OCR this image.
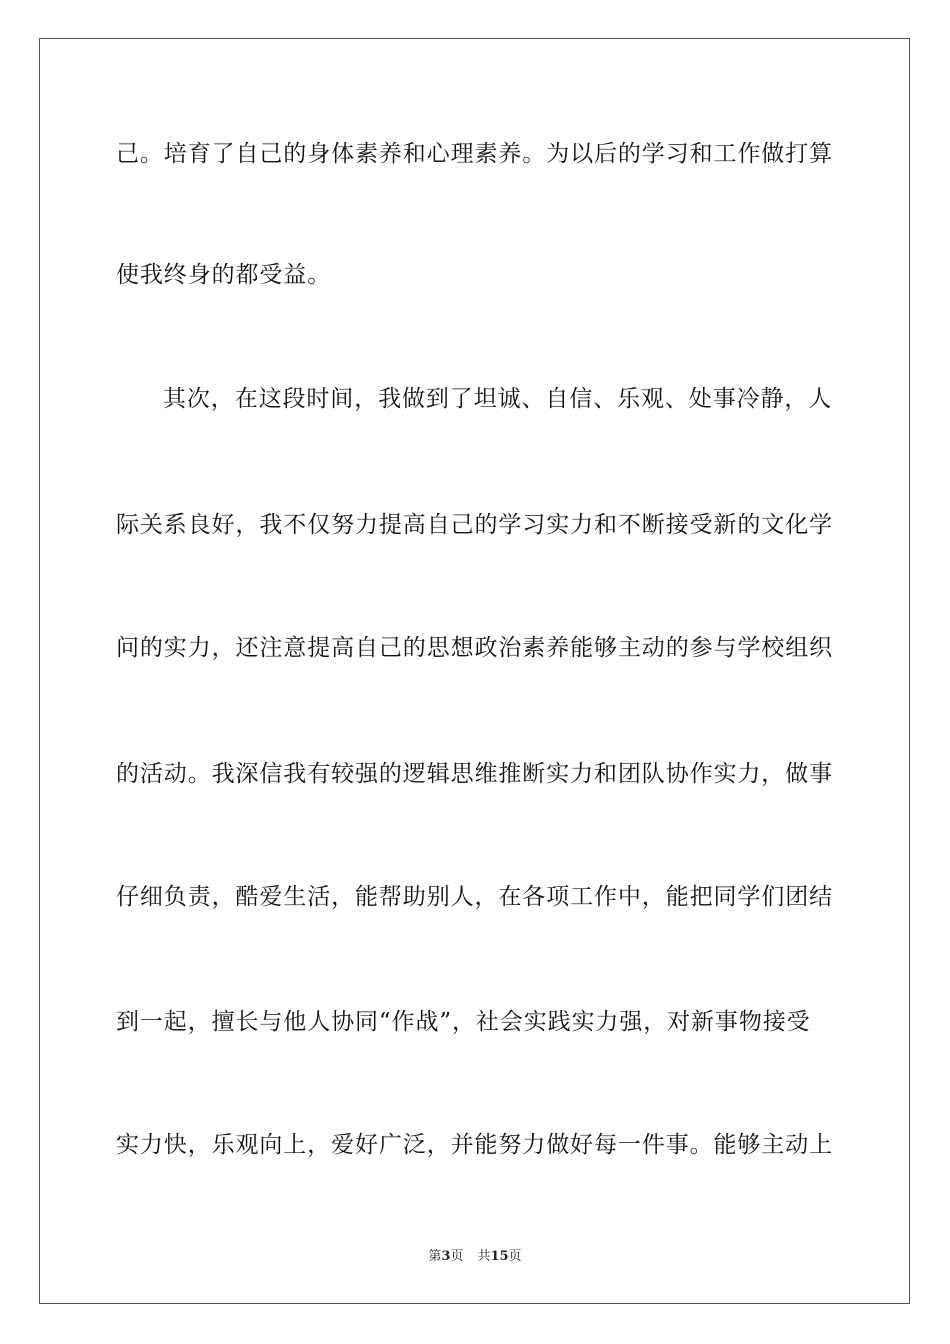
己。培育了自己的身体素养和心理素养。为以后的学习和工作做打算
使我终身的都受益。
其次，在这段时间，我做到了坦诚、自信、乐观、处事冷静，人
际关系良好，我不仅努力提高自己的学习实力和不断接受新的文化学
问的实力，还注意提高自己的思想政治素养能够主动的参与学校组织
的活动。我深信我有较强的逻辑思维推断实力和团队协作实力，做事
仔细负责，酷爱生活，能帮助别人，在各项工作中，能把同学们团结
到一起，擅长与他人协同“作战”，社会实践实力强，对新事物接受
实力快，乐观向上，爱好广泛，并能努力做好每一件事。能够主动上
第3页 共15页
